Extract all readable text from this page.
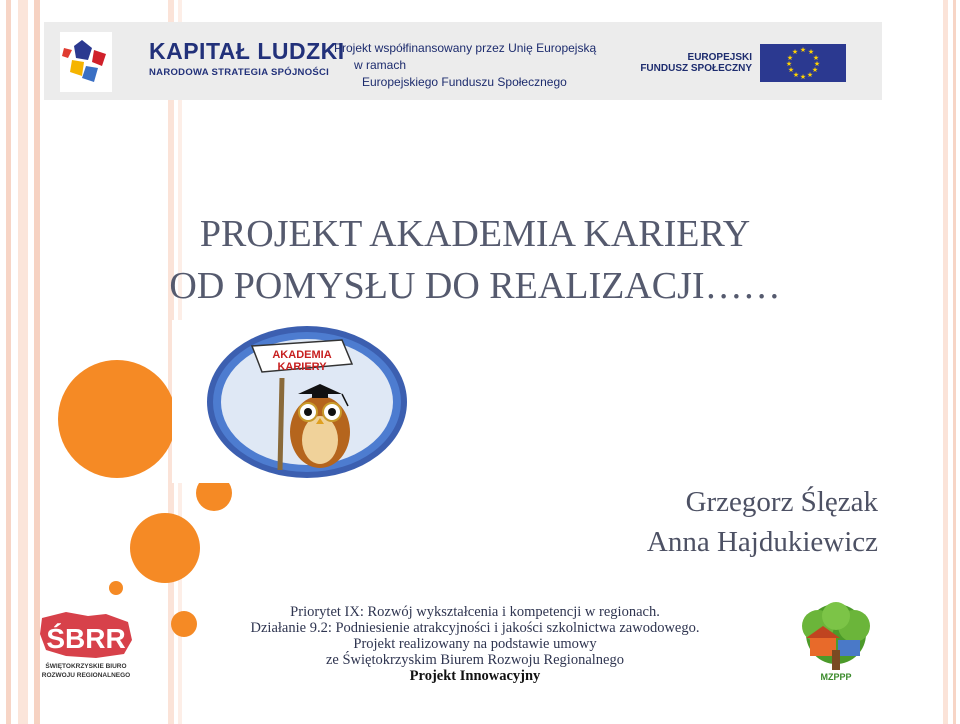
KAPITAŁ LUDZKI
NARODOWA STRATEGIA SPÓJNOŚCI
Projekt współfinansowany przez Unię Europejską
w ramach
Europejskiego Funduszu Społecznego
EUROPEJSKI
FUNDUSZ SPOŁECZNY
★ ★
★
★
★
★
★
★
★
★
★
★
PROJEKT AKADEMIA KARIERY
OD POMYSŁU DO REALIZACJI……
AKADEMIA
KARIERY
Grzegorz Ślęzak
Anna Hajdukiewicz
Priorytet IX: Rozwój wykształcenia i kompetencji w regionach.
Działanie 9.2: Podniesienie atrakcyjności i jakości szkolnictwa zawodowego.
Projekt realizowany na podstawie umowy
ze Świętokrzyskim Biurem Rozwoju Regionalnego
Projekt Innowacyjny
ŚBRR
ŚWIĘTOKRZYSKIE BIURO
ROZWOJU REGIONALNEGO	MZPPP
